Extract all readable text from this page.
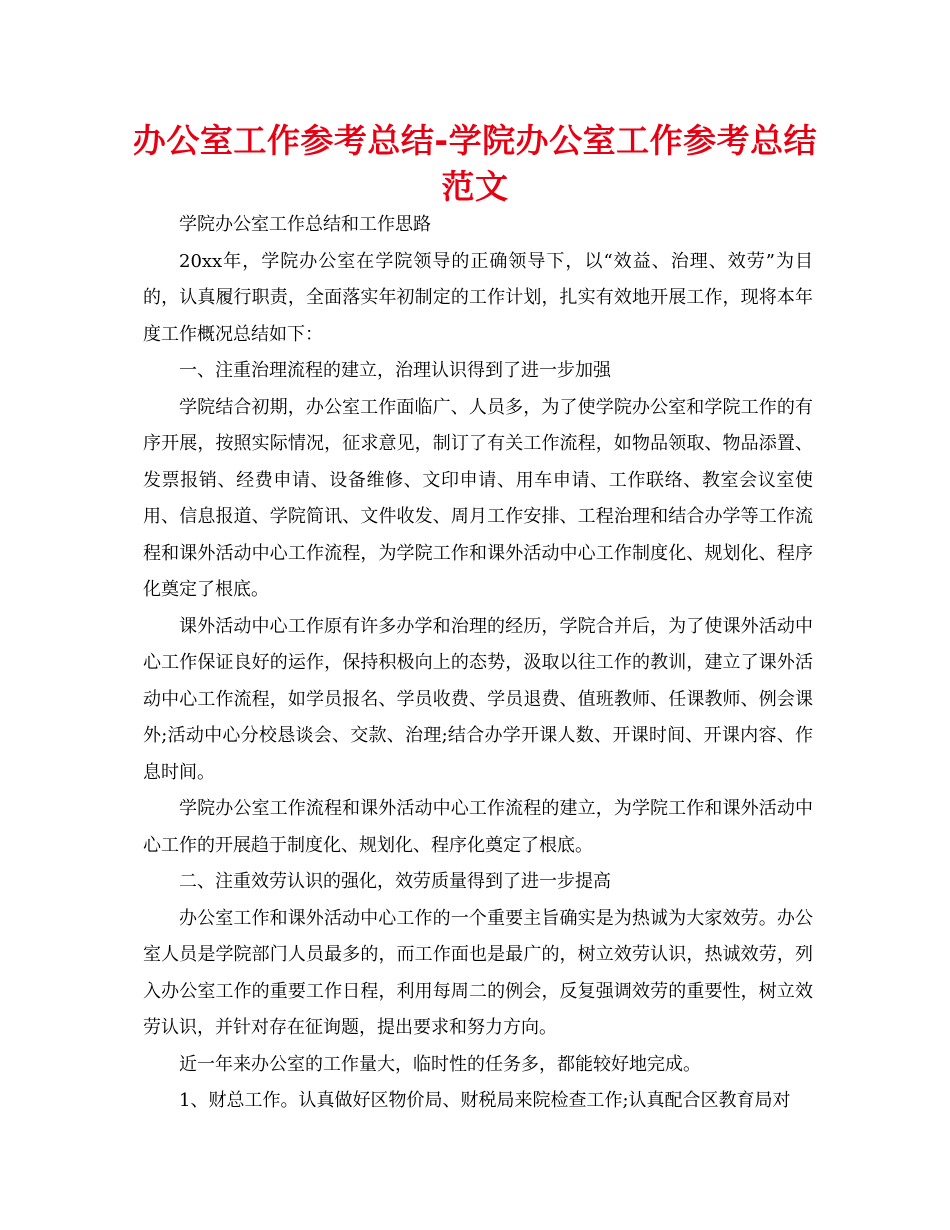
办公室工作参考总结-学院办公室工作参考总结范文

学院办公室工作总结和工作思路

20xx年，学院办公室在学院领导的正确领导下，以“效益、治理、效劳”为目的，认真履行职责，全面落实年初制定的工作计划，扎实有效地开展工作，现将本年度工作概况总结如下：

一、注重治理流程的建立，治理认识得到了进一步加强

学院结合初期，办公室工作面临广、人员多，为了使学院办公室和学院工作的有序开展，按照实际情况，征求意见，制订了有关工作流程，如物品领取、物品添置、发票报销、经费申请、设备维修、文印申请、用车申请、工作联络、教室会议室使用、信息报道、学院简讯、文件收发、周月工作安排、工程治理和结合办学等工作流程和课外活动中心工作流程，为学院工作和课外活动中心工作制度化、规划化、程序化奠定了根底。

课外活动中心工作原有许多办学和治理的经历，学院合并后，为了使课外活动中心工作保证良好的运作，保持积极向上的态势，汲取以往工作的教训，建立了课外活动中心工作流程，如学员报名、学员收费、学员退费、值班教师、任课教师、例会课外;活动中心分校恳谈会、交款、治理;结合办学开课人数、开课时间、开课内容、作息时间。

学院办公室工作流程和课外活动中心工作流程的建立，为学院工作和课外活动中心工作的开展趋于制度化、规划化、程序化奠定了根底。

二、注重效劳认识的强化，效劳质量得到了进一步提高

办公室工作和课外活动中心工作的一个重要主旨确实是为热诚为大家效劳。办公室人员是学院部门人员最多的，而工作面也是最广的，树立效劳认识，热诚效劳，列入办公室工作的重要工作日程，利用每周二的例会，反复强调效劳的重要性，树立效劳认识，并针对存在征询题，提出要求和努力方向。

近一年来办公室的工作量大，临时性的任务多，都能较好地完成。

1、财总工作。认真做好区物价局、财税局来院检查工作;认真配合区教育局对
